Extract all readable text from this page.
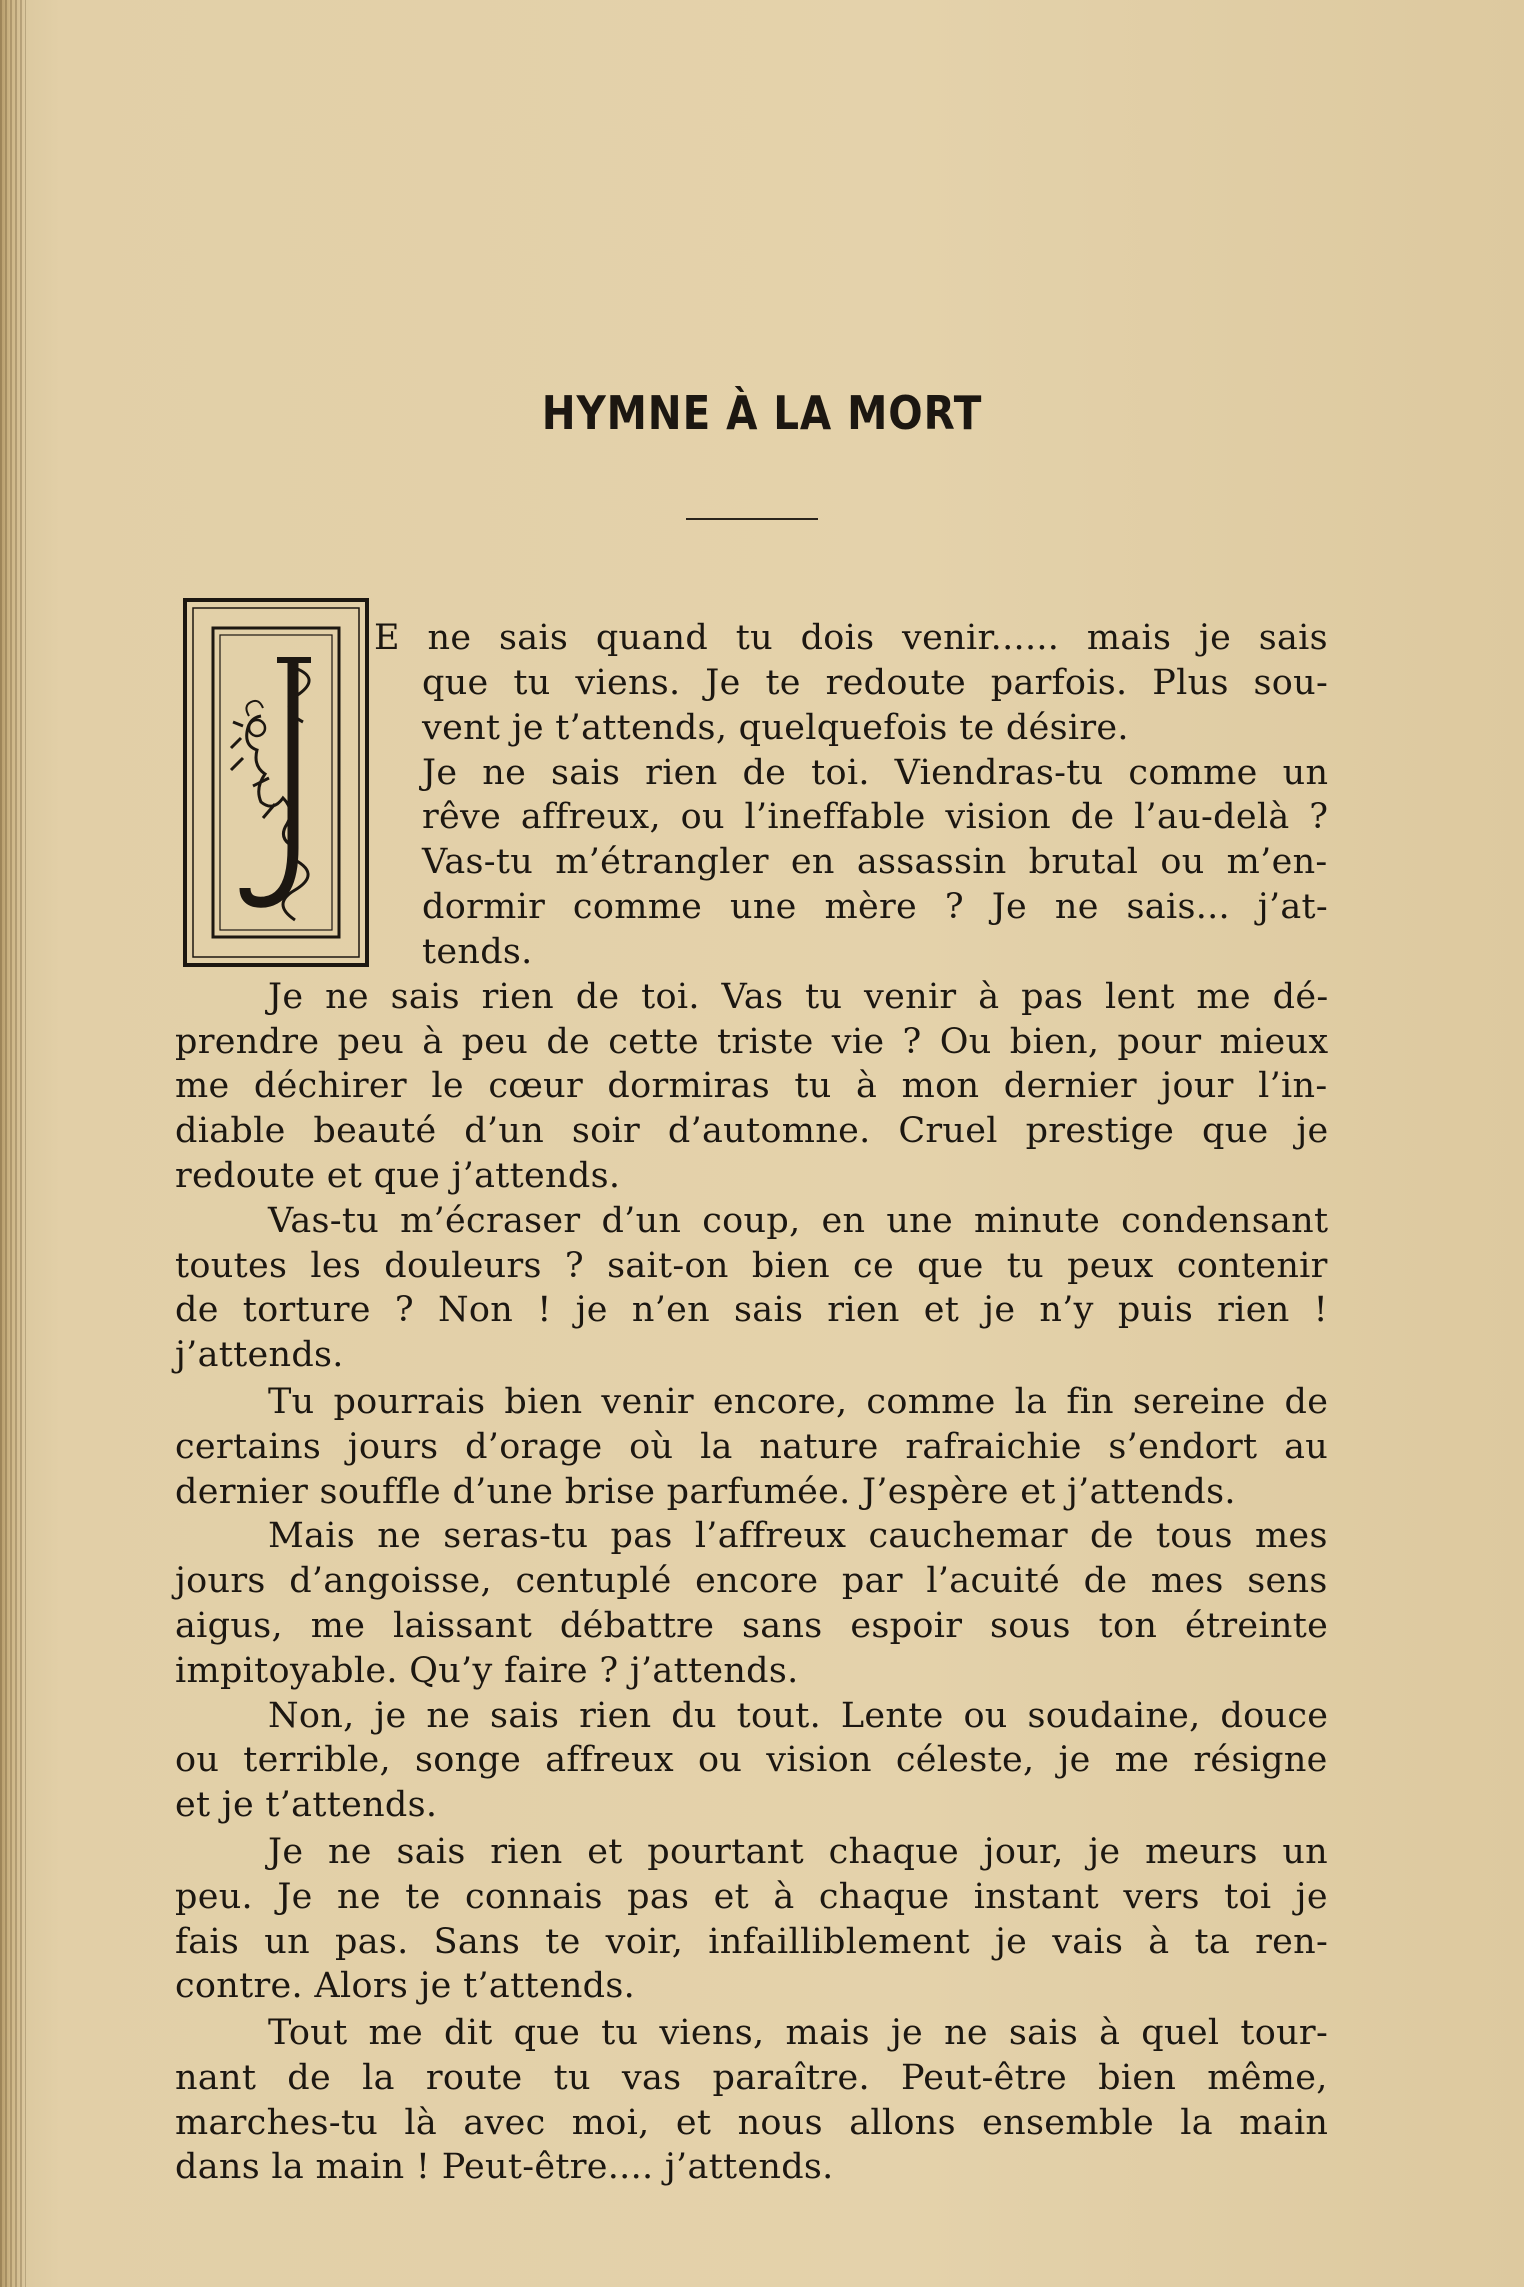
HYMNE À LA MORT
E ne sais quand tu dois venir...... mais je sais
que tu viens. Je te redoute parfois. Plus sou-
vent je t’attends, quelquefois te désire.
Je ne sais rien de toi. Viendras-tu comme un
rêve affreux, ou l’ineffable vision de l’au-delà ?
Vas-tu m’étrangler en assassin brutal ou m’en-
dormir comme une mère ? Je ne sais... j’at-
tends.
Je ne sais rien de toi. Vas tu venir à pas lent me dé-
prendre peu à peu de cette triste vie ? Ou bien, pour mieux
me déchirer le cœur dormiras tu à mon dernier jour l’in-
diable beauté d’un soir d’automne. Cruel prestige que je
redoute et que j’attends.
Vas-tu m’écraser d’un coup, en une minute condensant
toutes les douleurs ? sait-on bien ce que tu peux contenir
de torture ? Non ! je n’en sais rien et je n’y puis rien !
j’attends.
Tu pourrais bien venir encore, comme la fin sereine de
certains jours d’orage où la nature rafraichie s’endort au
dernier souffle d’une brise parfumée. J’espère et j’attends.
Mais ne seras-tu pas l’affreux cauchemar de tous mes
jours d’angoisse, centuplé encore par l’acuité de mes sens
aigus, me laissant débattre sans espoir sous ton étreinte
impitoyable. Qu’y faire ? j’attends.
Non, je ne sais rien du tout. Lente ou soudaine, douce
ou terrible, songe affreux ou vision céleste, je me résigne
et je t’attends.
Je ne sais rien et pourtant chaque jour, je meurs un
peu. Je ne te connais pas et à chaque instant vers toi je
fais un pas. Sans te voir, infailliblement je vais à ta ren-
contre. Alors je t’attends.
Tout me dit que tu viens, mais je ne sais à quel tour-
nant de la route tu vas paraître. Peut-être bien même,
marches-tu là avec moi, et nous allons ensemble la main
dans la main ! Peut-être.... j’attends.
